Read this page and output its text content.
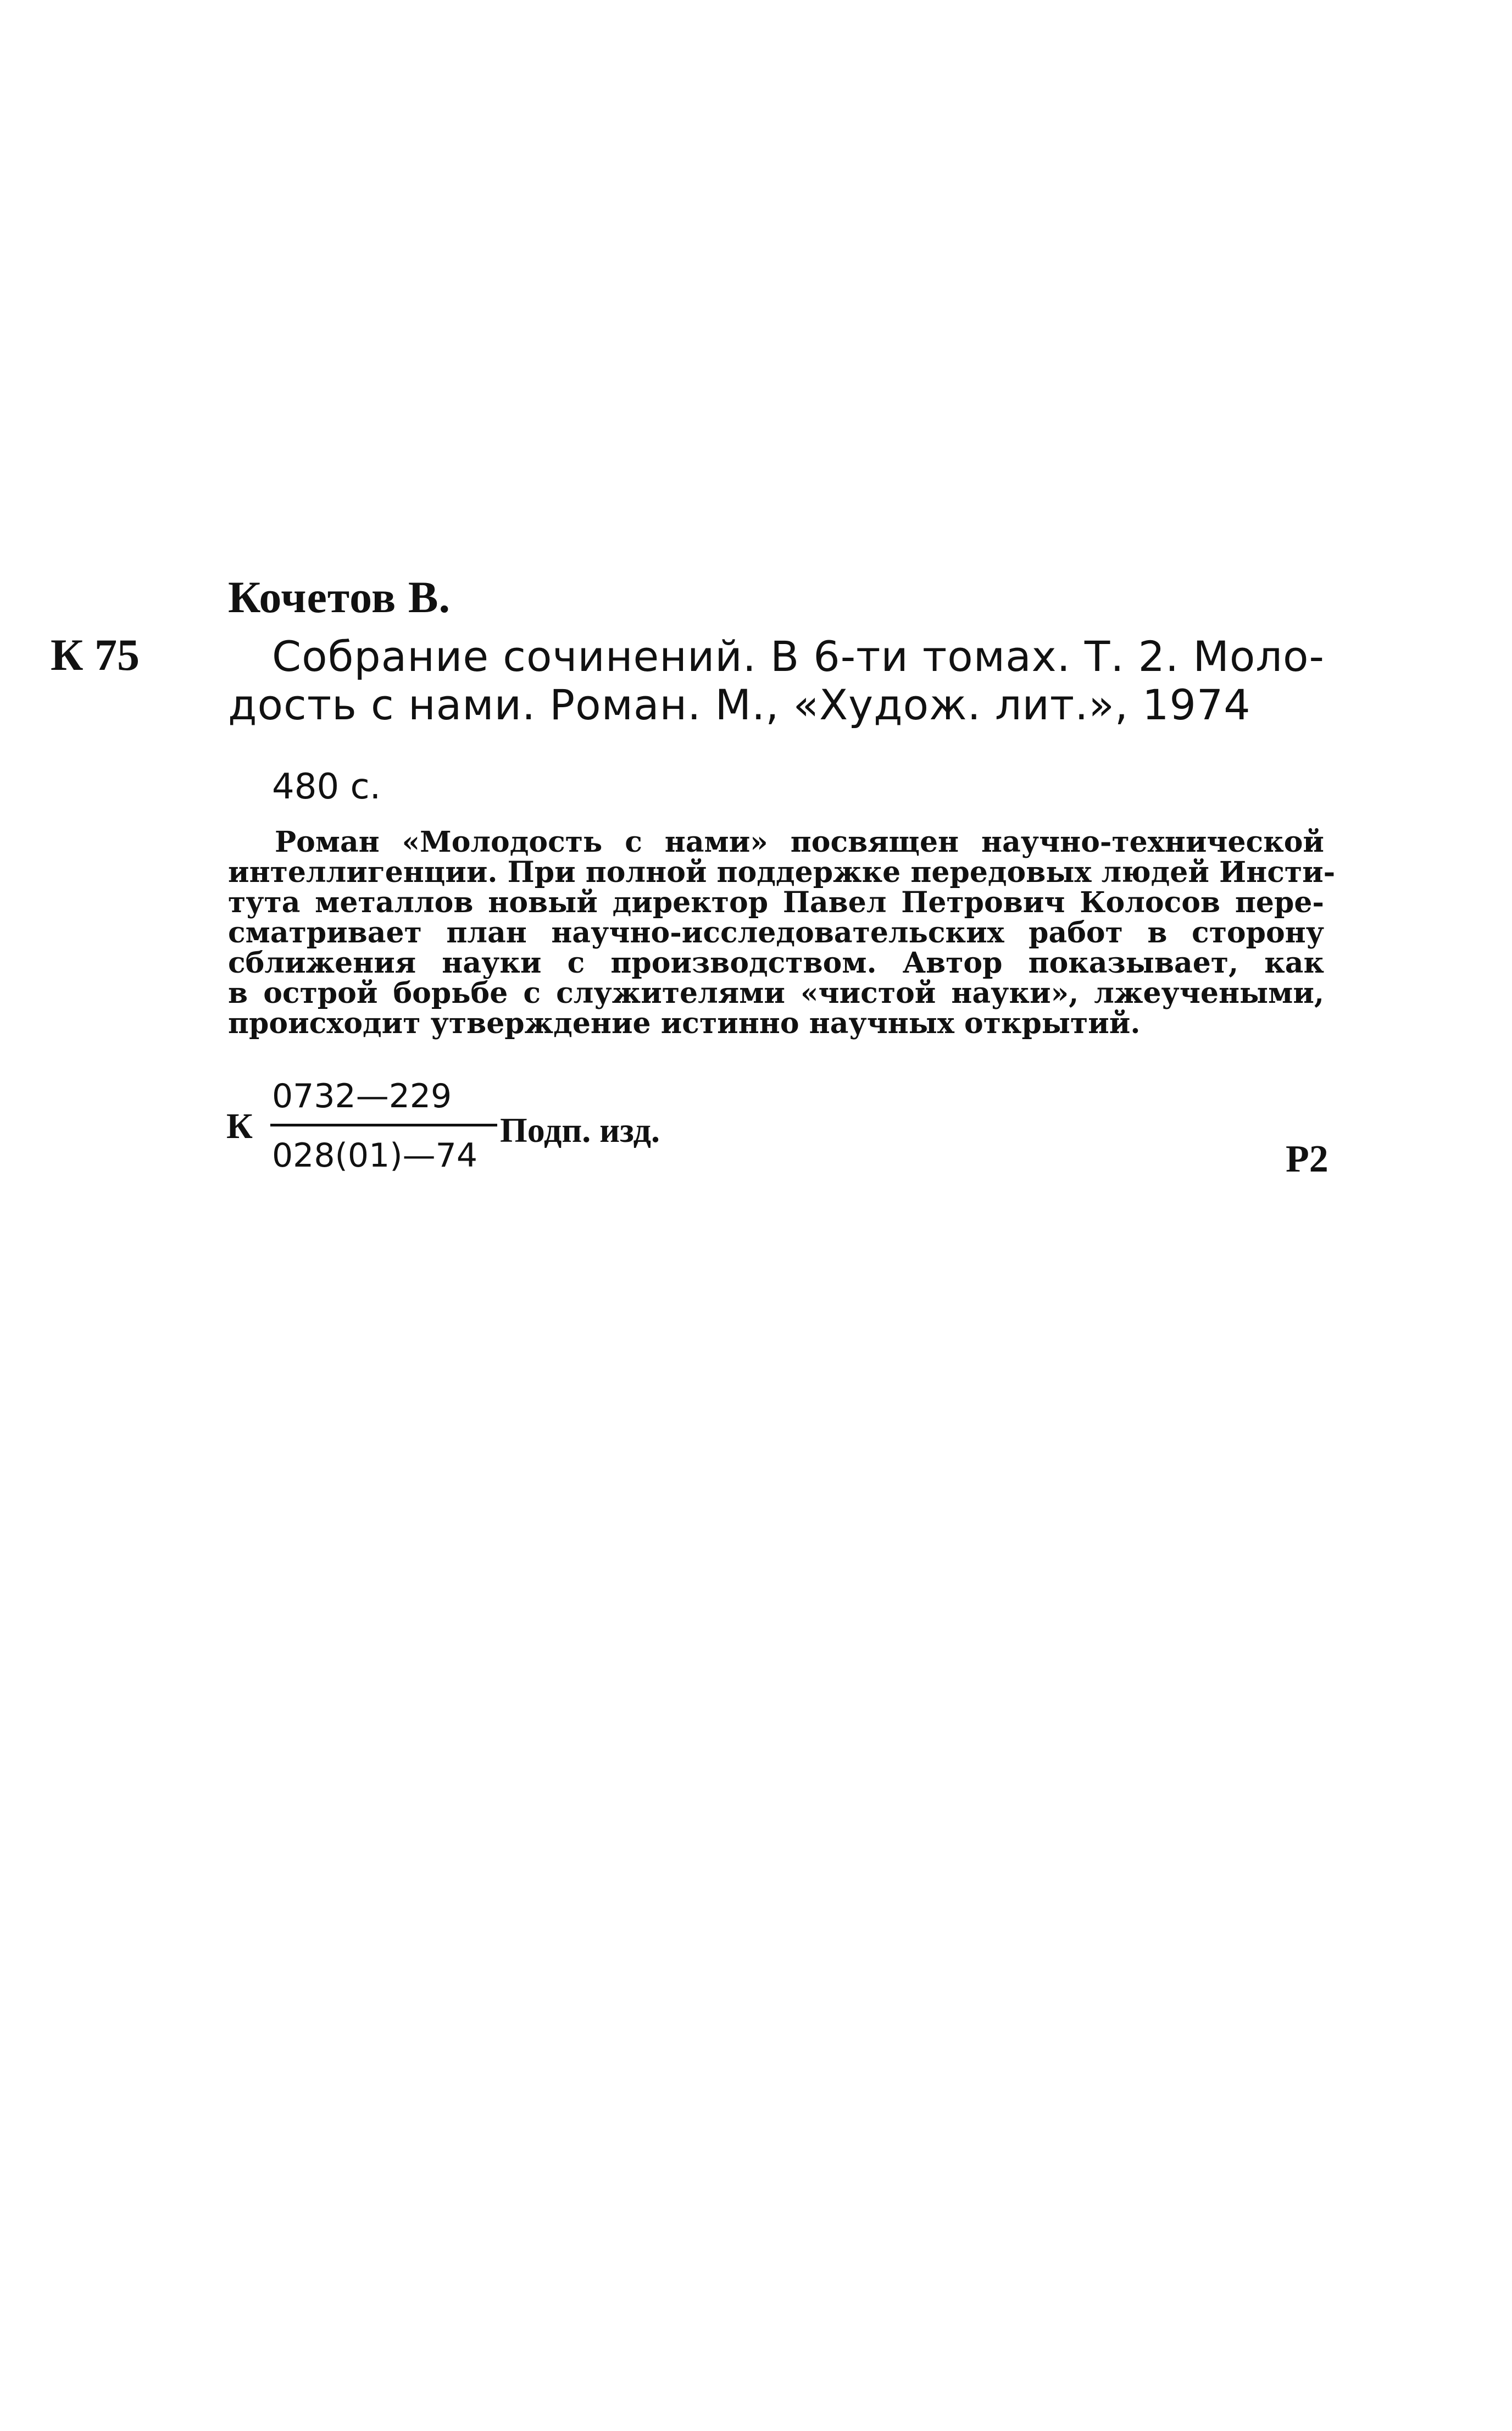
Кочетов В.
К 75	Собрание сочинений. В 6-ти томах. Т. 2. Моло-
дость с нами. Роман. М., «Худож. лит.», 1974
480 с.
Роман «Молодость с нами» посвящен научно-технической
интеллигенции. При полной поддержке передовых людей Инсти-
тута металлов новый директор Павел Петрович Колосов пере-
сматривает план научно-исследовательских работ в сторону
сближения науки с производством. Автор показывает, как
в острой борьбе с служителями «чистой науки», лжеучеными,
происходит утверждение истинно научных открытий.
К
0732—229
028(01)—74
Подп. изд.
Р2
